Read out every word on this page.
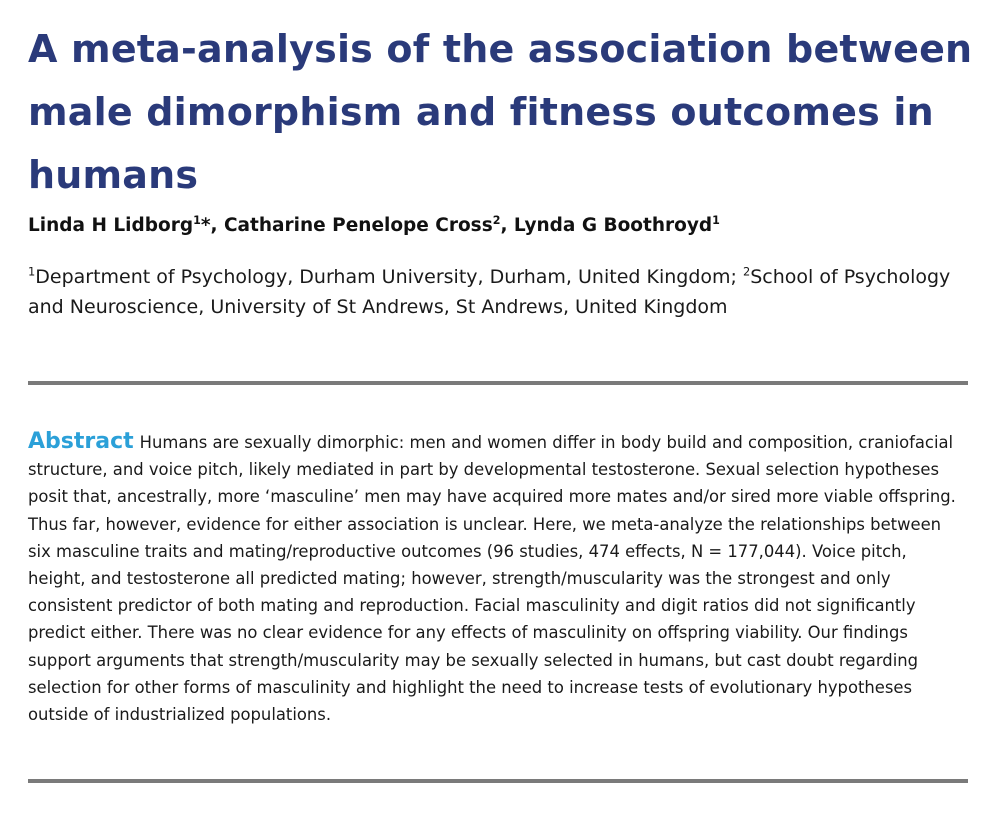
A meta-analysis of the association between male dimorphism and fitness outcomes in humans

Linda H Lidborg$^1$*, Catharine Penelope Cross$^2$, Lynda G Boothroyd$^1$

$^1$Department of Psychology, Durham University, Durham, United Kingdom; $^2$School of Psychology and Neuroscience, University of St Andrews, St Andrews, United Kingdom

Abstract Humans are sexually dimorphic: men and women differ in body build and composition, craniofacial structure, and voice pitch, likely mediated in part by developmental testosterone. Sexual selection hypotheses posit that, ancestrally, more ‘masculine’ men may have acquired more mates and/or sired more viable offspring. Thus far, however, evidence for either association is unclear. Here, we meta-analyze the relationships between six masculine traits and mating/reproductive outcomes (96 studies, 474 effects, N = 177,044). Voice pitch, height, and testosterone all predicted mating; however, strength/muscularity was the strongest and only consistent predictor of both mating and reproduction. Facial masculinity and digit ratios did not significantly predict either. There was no clear evidence for any effects of masculinity on offspring viability. Our findings support arguments that strength/muscularity may be sexually selected in humans, but cast doubt regarding selection for other forms of masculinity and highlight the need to increase tests of evolutionary hypotheses outside of industrialized populations.
